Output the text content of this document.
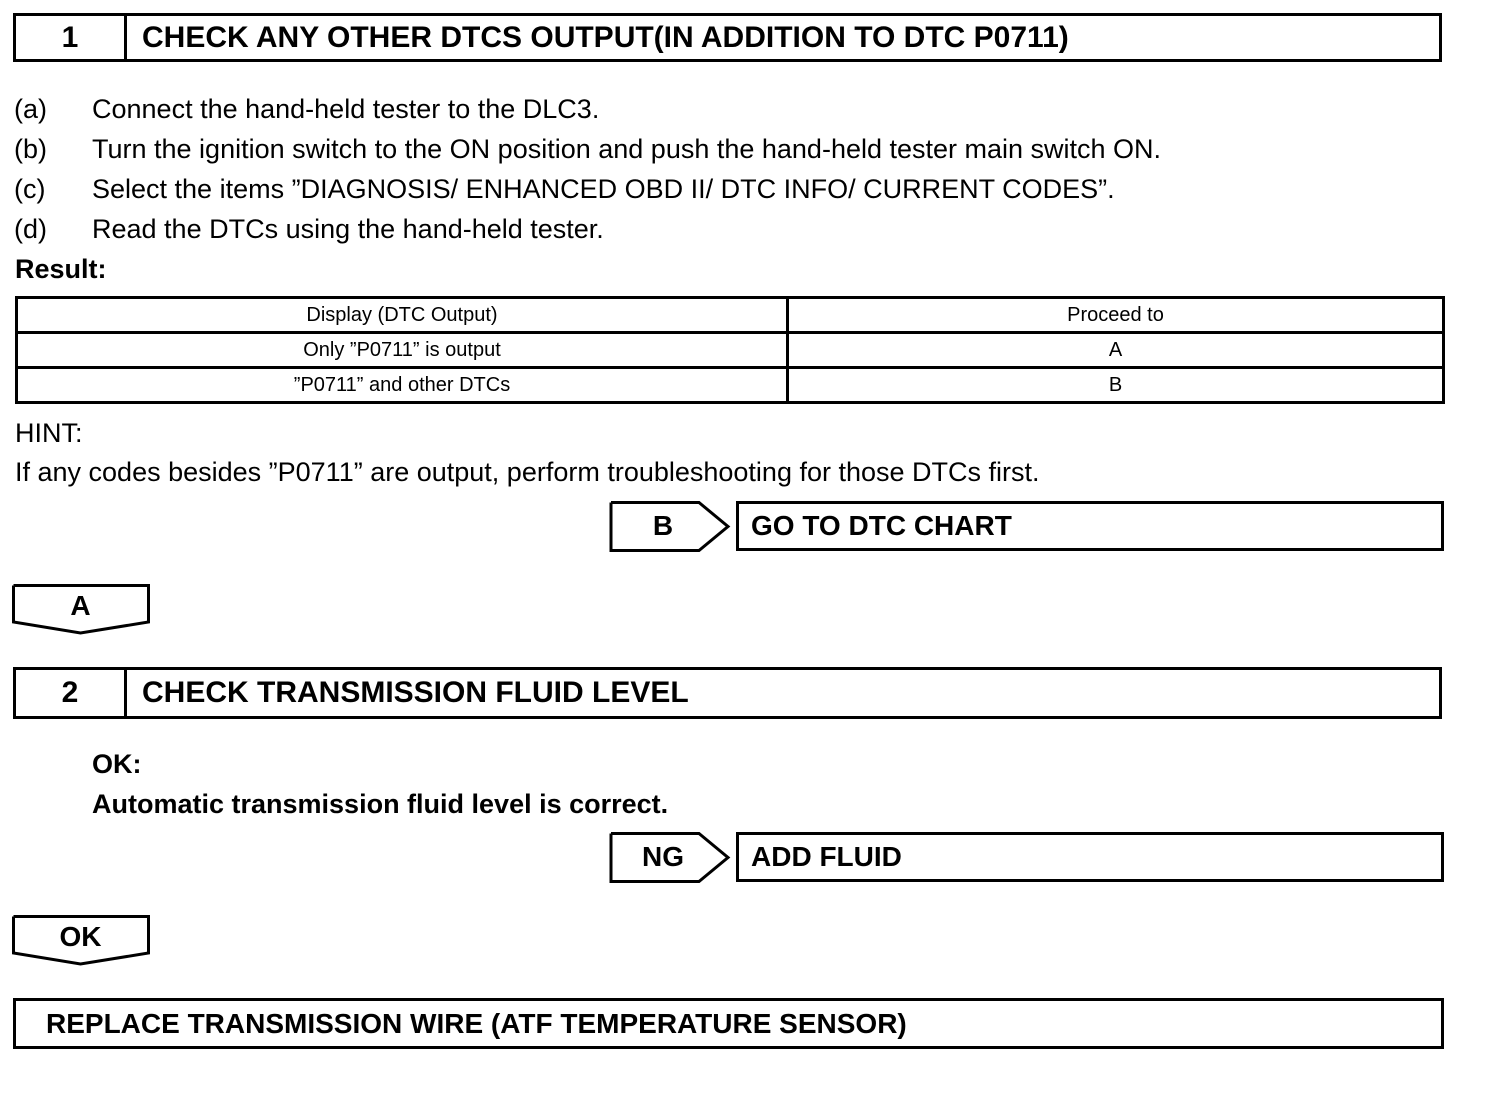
1	CHECK ANY OTHER DTCS OUTPUT(IN ADDITION TO DTC P0711)
(a)	Connect the hand-held tester to the DLC3.
(b)	Turn the ignition switch to the ON position and push the hand-held tester main switch ON.
(c)	Select the items ”DIAGNOSIS/ ENHANCED OBD II/ DTC INFO/ CURRENT CODES”.
(d)	Read the DTCs using the hand-held tester.
Result:
Display (DTC Output)	Proceed to
Only ”P0711” is output	A
”P0711” and other DTCs	B
HINT:
If any codes besides ”P0711” are output, perform troubleshooting for those DTCs first.
B	GO TO DTC CHART
A
2	CHECK TRANSMISSION FLUID LEVEL
OK:
Automatic transmission fluid level is correct.
NG	ADD FLUID
OK
REPLACE TRANSMISSION WIRE (ATF TEMPERATURE SENSOR)
